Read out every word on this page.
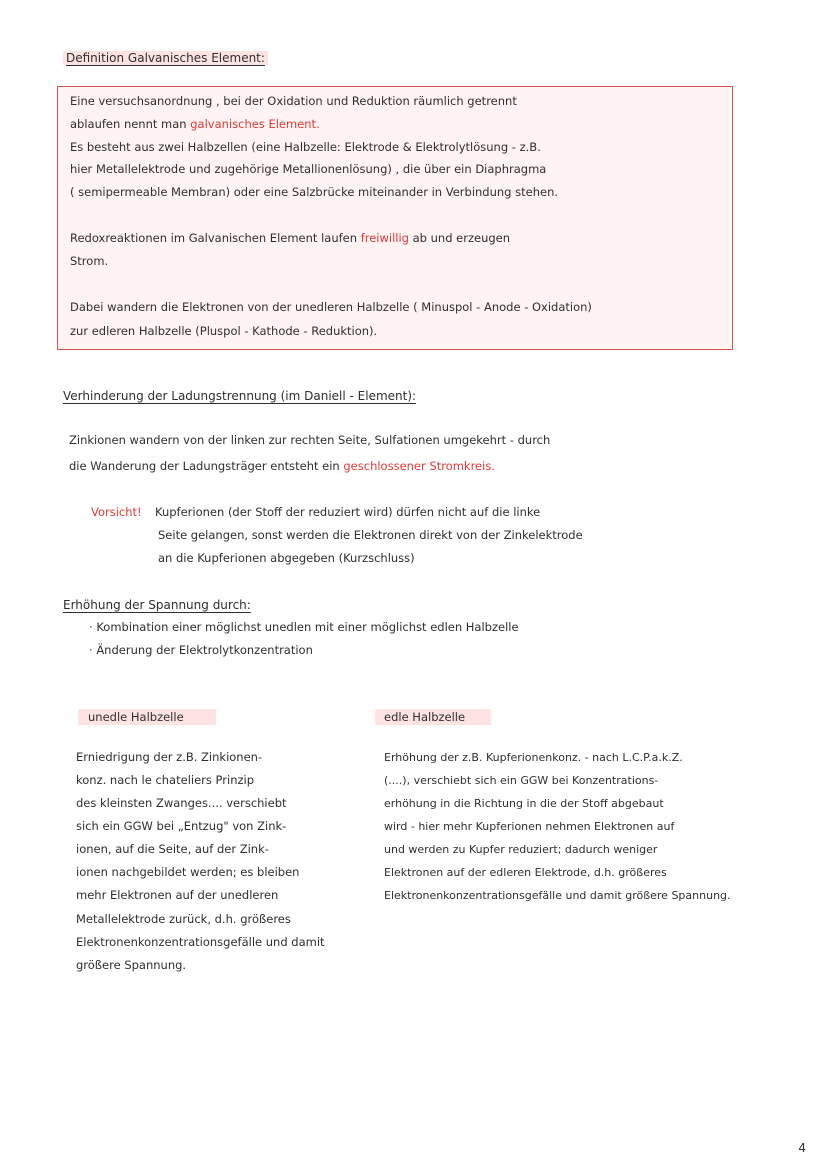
Definition Galvanisches Element:
Eine versuchsanordnung , bei der Oxidation und Reduktion räumlich getrennt
ablaufen nennt man galvanisches Element.
Es besteht aus zwei Halbzellen (eine Halbzelle: Elektrode & Elektrolytlösung - z.B.
hier Metallelektrode und zugehörige Metallionenlösung) , die über ein Diaphragma
( semipermeable Membran) oder eine Salzbrücke miteinander in Verbindung stehen.
Redoxreaktionen im Galvanischen Element laufen freiwillig ab und erzeugen
Strom.
Dabei wandern die Elektronen von der unedleren Halbzelle ( Minuspol - Anode - Oxidation)
zur edleren Halbzelle (Pluspol - Kathode - Reduktion).
Verhinderung der Ladungstrennung (im Daniell - Element):
Zinkionen wandern von der linken zur rechten Seite, Sulfationen umgekehrt - durch
die Wanderung der Ladungsträger entsteht ein geschlossener Stromkreis.
Vorsicht! Kupferionen (der Stoff der reduziert wird) dürfen nicht auf die linke
Seite gelangen, sonst werden die Elektronen direkt von der Zinkelektrode
an die Kupferionen abgegeben (Kurzschluss)
Erhöhung der Spannung durch:
· Kombination einer möglichst unedlen mit einer möglichst edlen Halbzelle
· Änderung der Elektrolytkonzentration
unedle Halbzelle	edle Halbzelle
Erniedrigung der z.B. Zinkionen-
konz. nach le chateliers Prinzip
des kleinsten Zwanges.... verschiebt
sich ein GGW bei „Entzug" von Zink-
ionen, auf die Seite, auf der Zink-
ionen nachgebildet werden; es bleiben
mehr Elektronen auf der unedleren
Metallelektrode zurück, d.h. größeres
Elektronenkonzentrationsgefälle und damit
größere Spannung.
Erhöhung der z.B. Kupferionenkonz. - nach L.C.P.a.k.Z.
(....), verschiebt sich ein GGW bei Konzentrations-
erhöhung in die Richtung in die der Stoff abgebaut
wird - hier mehr Kupferionen nehmen Elektronen auf
und werden zu Kupfer reduziert; dadurch weniger
Elektronen auf der edleren Elektrode, d.h. größeres
Elektronenkonzentrationsgefälle und damit größere Spannung.
4
